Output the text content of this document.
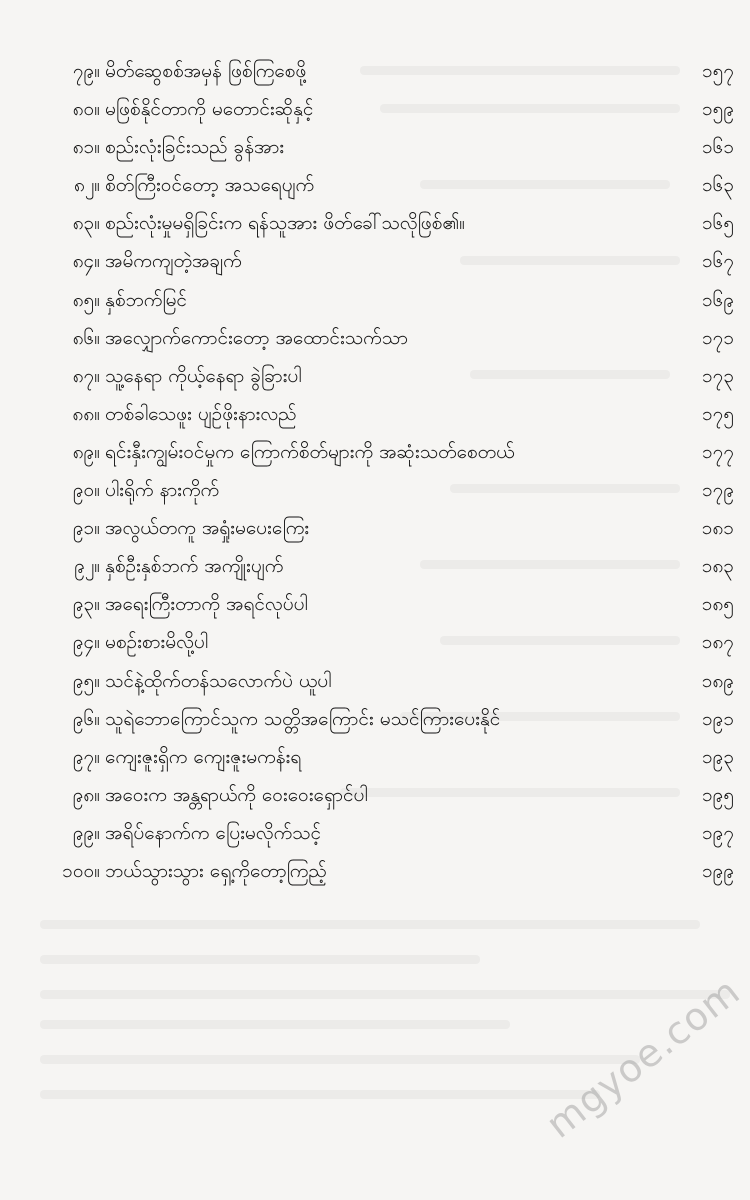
၇၉။ မိတ်ဆွေစစ်အမှန် ဖြစ်ကြစေဖို့	၁၅၇
၈၀။ မဖြစ်နိုင်တာကို မတောင်းဆိုနှင့်	၁၅၉
၈၁။ စည်းလုံးခြင်းသည် ခွန်အား	၁၆၁
၈၂။ စိတ်ကြီးဝင်တော့ အသရေပျက်	၁၆၃
၈၃။ စည်းလုံးမှုမရှိခြင်းက ရန်သူအား ဖိတ်ခေါ်သလိုဖြစ်၏။	၁၆၅
၈၄။ အမိကကျတဲ့အချက်	၁၆၇
၈၅။ နှစ်ဘက်မြင်	၁၆၉
၈၆။ အလျှောက်ကောင်းတော့ အထောင်းသက်သာ	၁၇၁
၈၇။ သူ့နေရာ ကိုယ့်နေရာ ခွဲခြားပါ	၁၇၃
၈၈။ တစ်ခါသေဖူး ပျဉ်ဖိုးနားလည်	၁၇၅
၈၉။ ရင်းနှီးကျွမ်းဝင်မှုက ကြောက်စိတ်များကို အဆုံးသတ်စေတယ်	၁၇၇
၉၀။ ပါးရိုက် နားကိုက်	၁၇၉
၉၁။ အလွယ်တကူ အရှုံးမပေးကြေး	၁၈၁
၉၂။ နှစ်ဦးနှစ်ဘက် အကျိုးပျက်	၁၈၃
၉၃။ အရေးကြီးတာကို အရင်လုပ်ပါ	၁၈၅
၉၄။ မစဉ်းစားမိလို့ပါ	၁၈၇
၉၅။ သင်နဲ့ထိုက်တန်သလောက်ပဲ ယူပါ	၁၈၉
၉၆။ သူရဲဘောကြောင်သူက သတ္တိအကြောင်း မသင်ကြားပေးနိုင်	၁၉၁
၉၇။ ကျေးဇူးရှိက ကျေးဇူးမကန်းရ	၁၉၃
၉၈။ အဝေးက အန္တရာယ်ကို ဝေးဝေးရှောင်ပါ	၁၉၅
၉၉။ အရိပ်နောက်က ပြေးမလိုက်သင့်	၁၉၇
၁၀၀။ ဘယ်သွားသွား ရှေ့ကိုတော့ကြည့်	၁၉၉
mgyoe.com
